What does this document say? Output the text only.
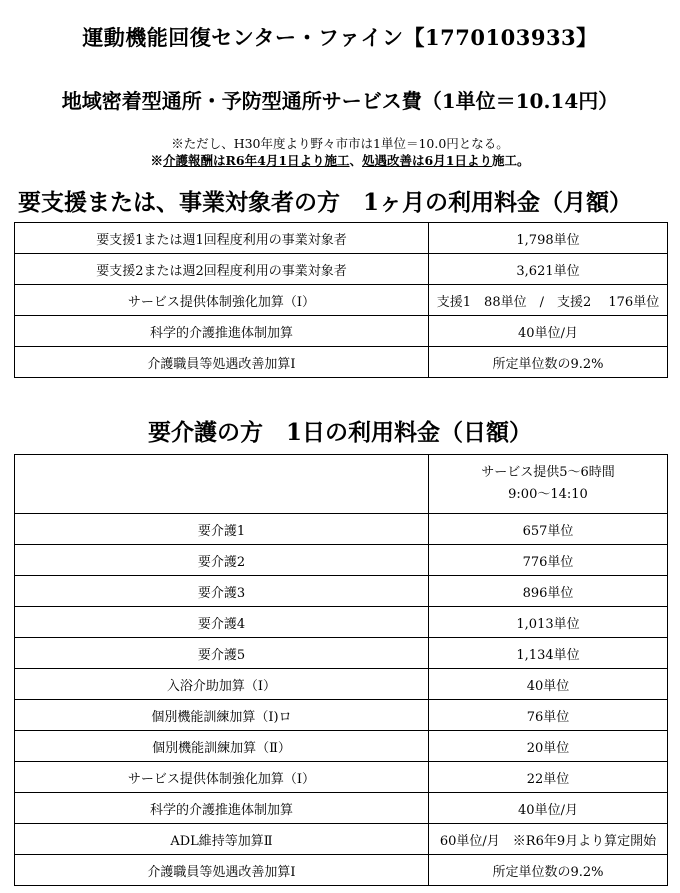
運動機能回復センター・ファイン【1770103933】
地域密着型通所・予防型通所サービス費（1単位＝10.14円）
※ただし、H30年度より野々市市は1単位＝10.0円となる。
※介護報酬はR6年4月1日より施工、処遇改善は6月1日より施工。
要支援または、事業対象者の方　1ヶ月の利用料金（月額）
要支援1または週1回程度利用の事業対象者	1,798単位
要支援2または週2回程度利用の事業対象者	3,621単位
サービス提供体制強化加算（Ⅰ）	支援1　88単位　/　支援2　 176単位
科学的介護推進体制加算	40単位/月
介護職員等処遇改善加算Ⅰ	所定単位数の9.2%
要介護の方　1日の利用料金（日額）

	サービス提供5～6時間
9:00～14:10

要介護1	657単位
要介護2	776単位
要介護3	896単位
要介護4	1,013単位
要介護5	1,134単位
入浴介助加算（Ⅰ）	40単位
個別機能訓練加算（Ⅰ)ロ	76単位
個別機能訓練加算（Ⅱ）	20単位
サービス提供体制強化加算（Ⅰ）	22単位
科学的介護推進体制加算	40単位/月
ADL維持等加算Ⅱ	60単位/月　※R6年9月より算定開始
介護職員等処遇改善加算Ⅰ	所定単位数の9.2%
